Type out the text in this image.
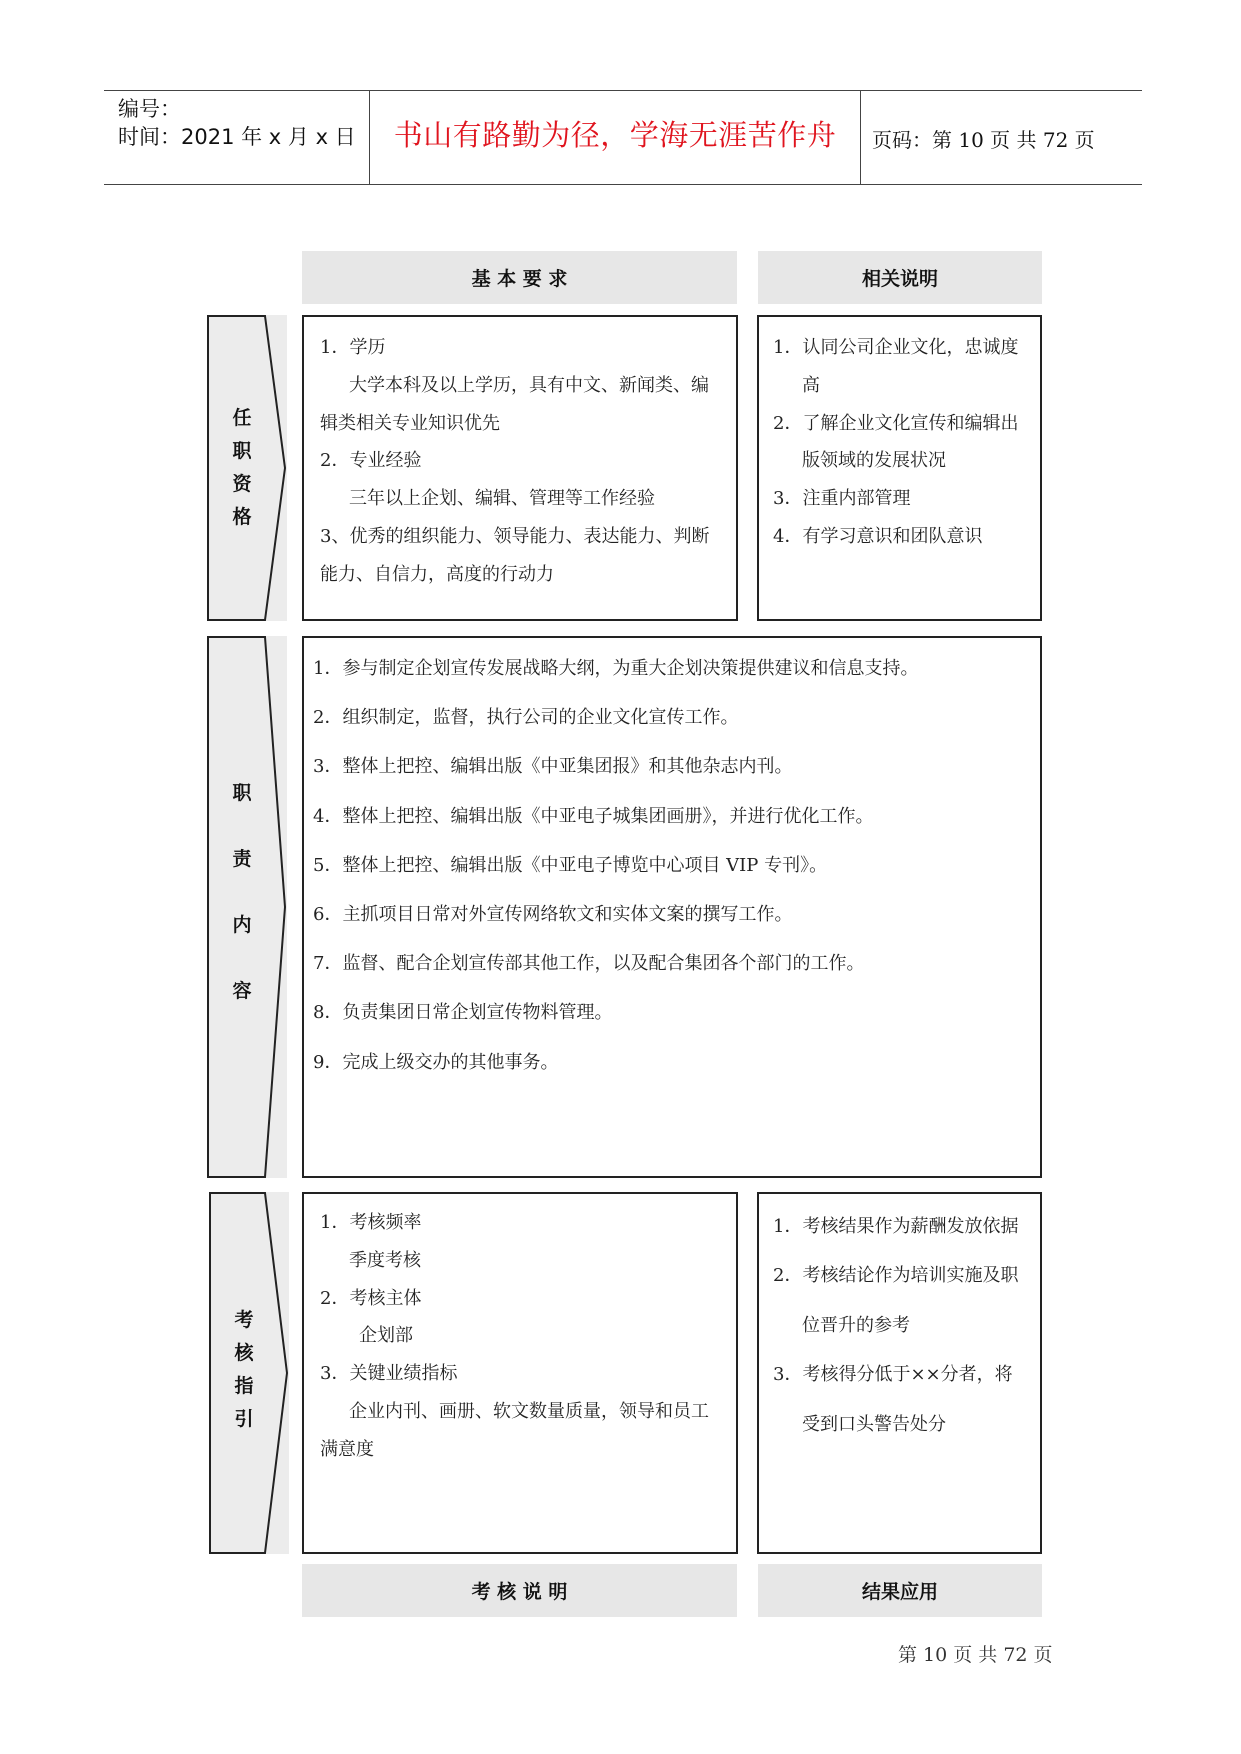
编号：
时间：2021 年 x 月 x 日	书山有路勤为径，学海无涯苦作舟	页码：第 10 页 共 72 页
基 本 要 求	相关说明
任
职
资
格
1．学历
大学本科及以上学历，具有中文、新闻类、编
辑类相关专业知识优先
2．专业经验
三年以上企划、编辑、管理等工作经验
3、优秀的组织能力、领导能力、表达能力、判断
能力、自信力，高度的行动力
1．认同公司企业文化，忠诚度
高
2．了解企业文化宣传和编辑出
版领域的发展状况
3．注重内部管理
4．有学习意识和团队意识
职
责
内
容
1．参与制定企划宣传发展战略大纲，为重大企划决策提供建议和信息支持。
2．组织制定，监督，执行公司的企业文化宣传工作。
3．整体上把控、编辑出版《中亚集团报》和其他杂志内刊。
4．整体上把控、编辑出版《中亚电子城集团画册》，并进行优化工作。
5．整体上把控、编辑出版《中亚电子博览中心项目 VIP 专刊》。
6．主抓项目日常对外宣传网络软文和实体文案的撰写工作。
7．监督、配合企划宣传部其他工作，以及配合集团各个部门的工作。
8．负责集团日常企划宣传物料管理。
9．完成上级交办的其他事务。
考
核
指
引
1．考核频率
季度考核
2．考核主体
企划部
3．关键业绩指标
企业内刊、画册、软文数量质量，领导和员工
满意度
1．考核结果作为薪酬发放依据
2．考核结论作为培训实施及职
位晋升的参考
3．考核得分低于××分者，将
受到口头警告处分
考 核 说 明	结果应用
第 10 页 共 72 页
